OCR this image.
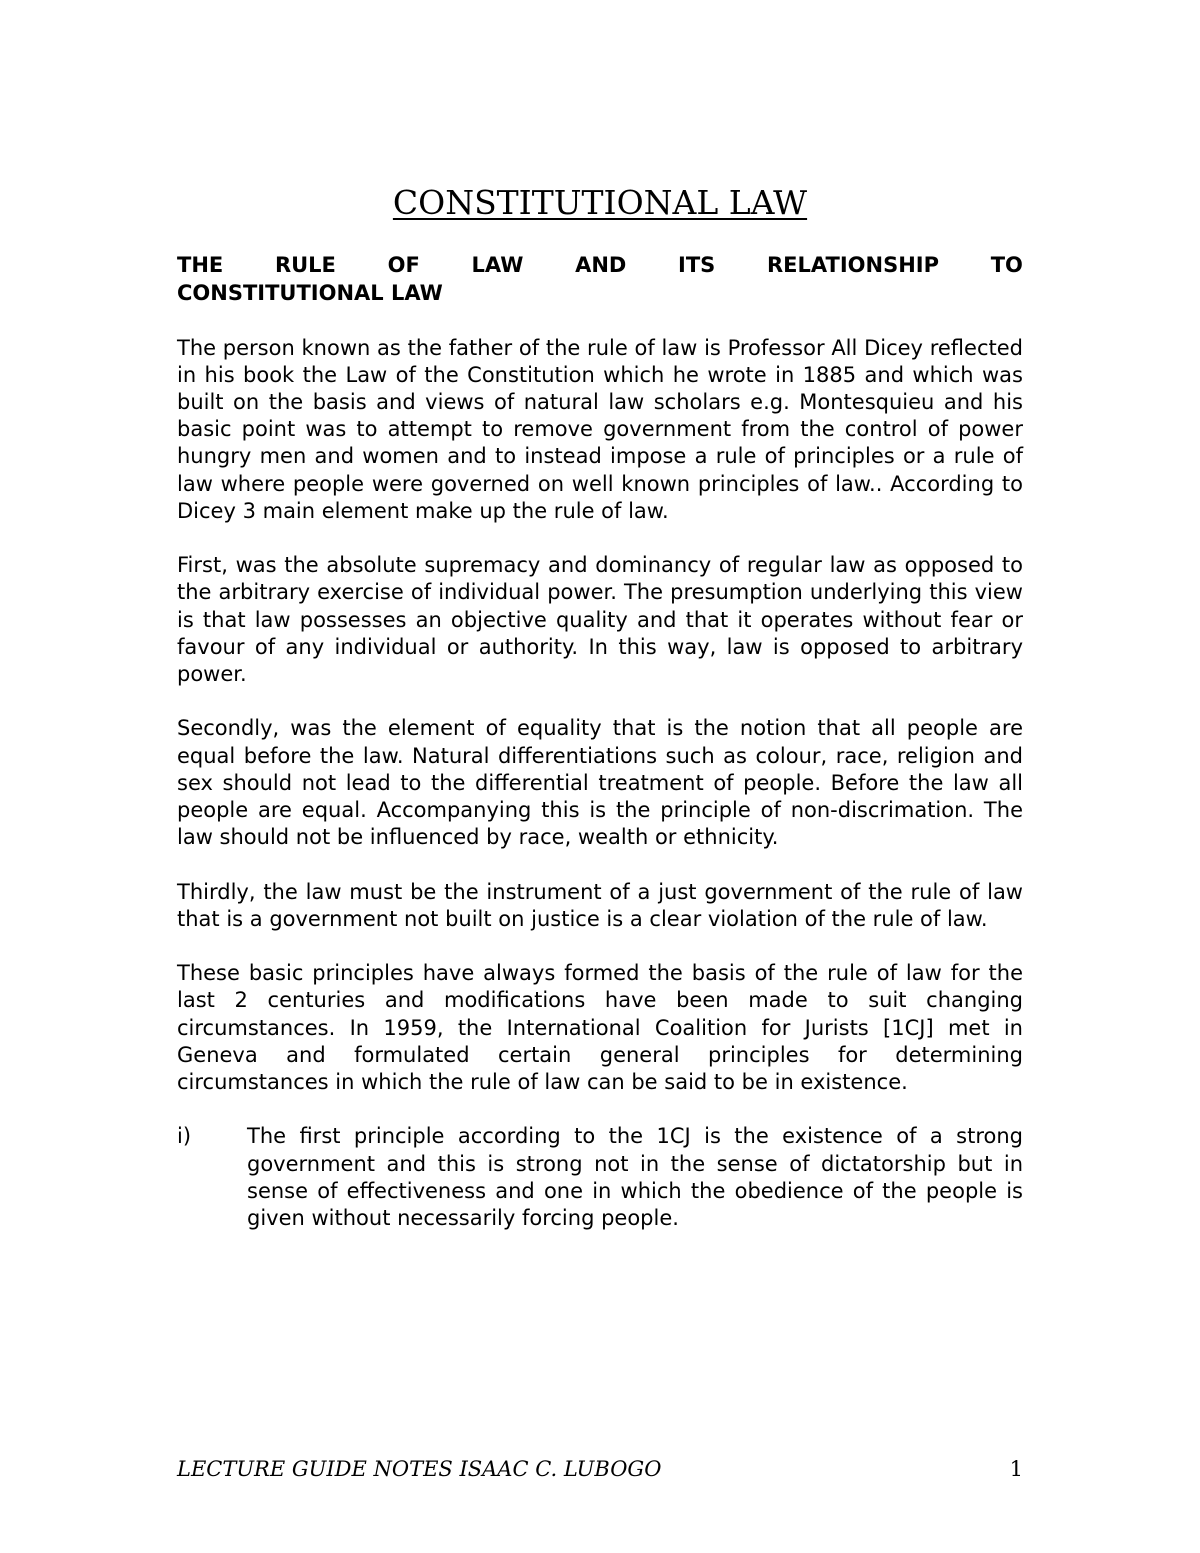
CONSTITUTIONAL LAW
THE RULE OF LAW AND ITS RELATIONSHIP TO
CONSTITUTIONAL LAW

The person known as the father of the rule of law is Professor All Dicey reflected in his book the Law of the Constitution which he wrote in 1885 and which was built on the basis and views of natural law scholars e.g. Montesquieu and his basic point was to attempt to remove government from the control of power hungry men and women and to instead impose a rule of principles or a rule of law where people were governed on well known principles of law.. According to Dicey 3 main element make up the rule of law.

First, was the absolute supremacy and dominancy of regular law as opposed to the arbitrary exercise of individual power. The presumption underlying this view is that law possesses an objective quality and that it operates without fear or favour of any individual or authority. In this way, law is opposed to arbitrary power.

Secondly, was the element of equality that is the notion that all people are equal before the law. Natural differentiations such as colour, race, religion and sex should not lead to the differential treatment of people. Before the law all people are equal. Accompanying this is the principle of non-discrimation. The law should not be influenced by race, wealth or ethnicity.

Thirdly, the law must be the instrument of a just government of the rule of law that is a government not built on justice is a clear violation of the rule of law.

These basic principles have always formed the basis of the rule of law for the last 2 centuries and modifications have been made to suit changing circumstances. In 1959, the International Coalition for Jurists [1CJ] met in Geneva and formulated certain general principles for determining circumstances in which the rule of law can be said to be in existence.

i)	The first principle according to the 1CJ is the existence of a strong government and this is strong not in the sense of dictatorship but in sense of effectiveness and one in which the obedience of the people is given without necessarily forcing people.
LECTURE GUIDE NOTES ISAAC C. LUBOGO	1
